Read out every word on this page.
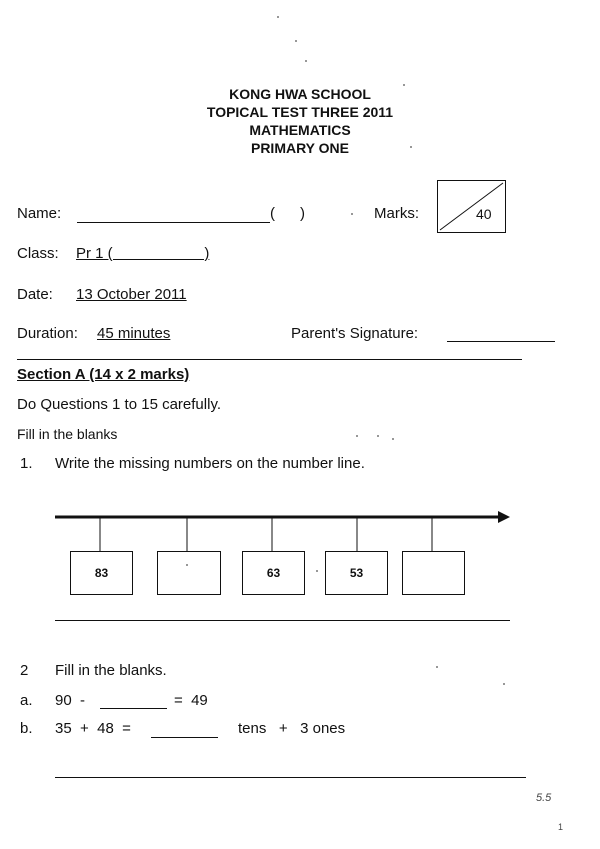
KONG HWA SCHOOL
TOPICAL TEST THREE 2011
MATHEMATICS
PRIMARY ONE
Name:	(      )	Marks:	40
Class: Pr 1 (                      )
Date: 13 October 2011
Duration: 45 minutes	Parent's Signature:
Section A (14 x 2 marks)
Do Questions 1 to 15 carefully.
Fill in the blanks
1. Write the missing numbers on the number line.
83	63	53
2 Fill in the blanks.
a. 90  -	=  49
b. 35  +  48  =	tens   +   3 ones
5.5
1
